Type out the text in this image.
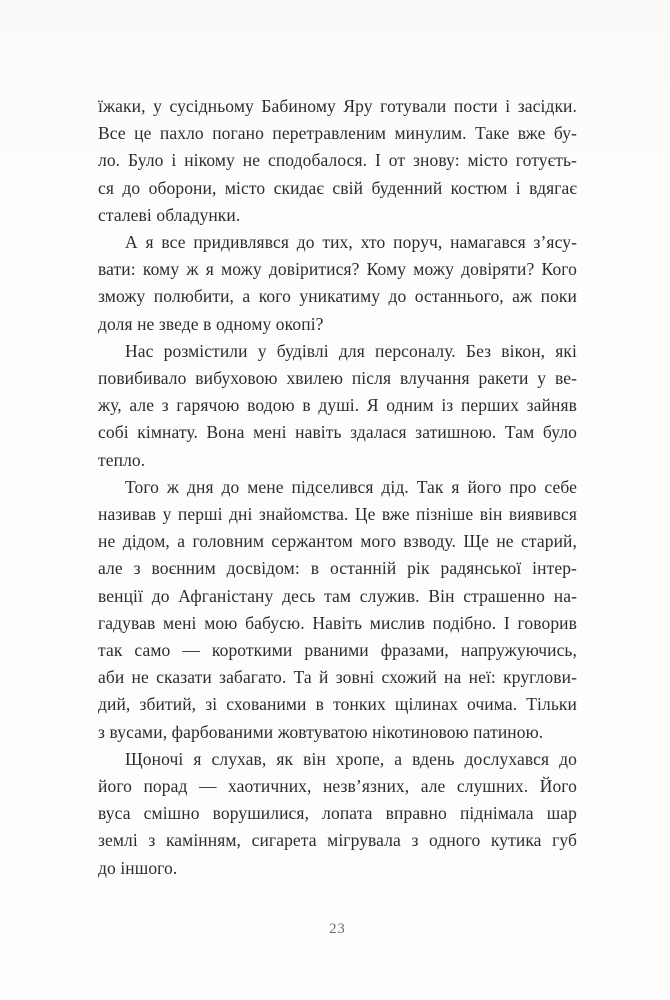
їжаки, у сусідньому Бабиному Яру готували пости і засідки.
Все це пахло погано перетравленим минулим. Таке вже бу-
ло. Було і нікому не сподобалося. І от знову: місто готуєть-
ся до оборони, місто скидає свій буденний костюм і вдягає
сталеві обладунки.
А я все придивлявся до тих, хто поруч, намагався з’ясу-
вати: кому ж я можу довіритися? Кому можу довіряти? Кого
зможу полюбити, а кого уникатиму до останнього, аж поки
доля не зведе в одному окопі?
Нас розмістили у будівлі для персоналу. Без вікон, які
повибивало вибуховою хвилею після влучання ракети у ве-
жу, але з гарячою водою в душі. Я одним із перших зайняв
собі кімнату. Вона мені навіть здалася затишною. Там було
тепло.
Того ж дня до мене підселився дід. Так я його про себе
називав у перші дні знайомства. Це вже пізніше він виявився
не дідом, а головним сержантом мого взводу. Ще не старий,
але з воєнним досвідом: в останній рік радянської інтер-
венції до Афганістану десь там служив. Він страшенно на-
гадував мені мою бабусю. Навіть мислив подібно. І говорив
так само — короткими рваними фразами, напружуючись,
аби не сказати забагато. Та й зовні схожий на неї: круглови-
дий, збитий, зі схованими в тонких щілинах очима. Тільки
з вусами, фарбованими жовтуватою нікотиновою патиною.
Щоночі я слухав, як він хропе, а вдень дослухався до
його порад — хаотичних, незв’язних, але слушних. Його
вуса смішно ворушилися, лопата вправно піднімала шар
землі з камінням, сигарета мігрувала з одного кутика губ
до іншого.
23
